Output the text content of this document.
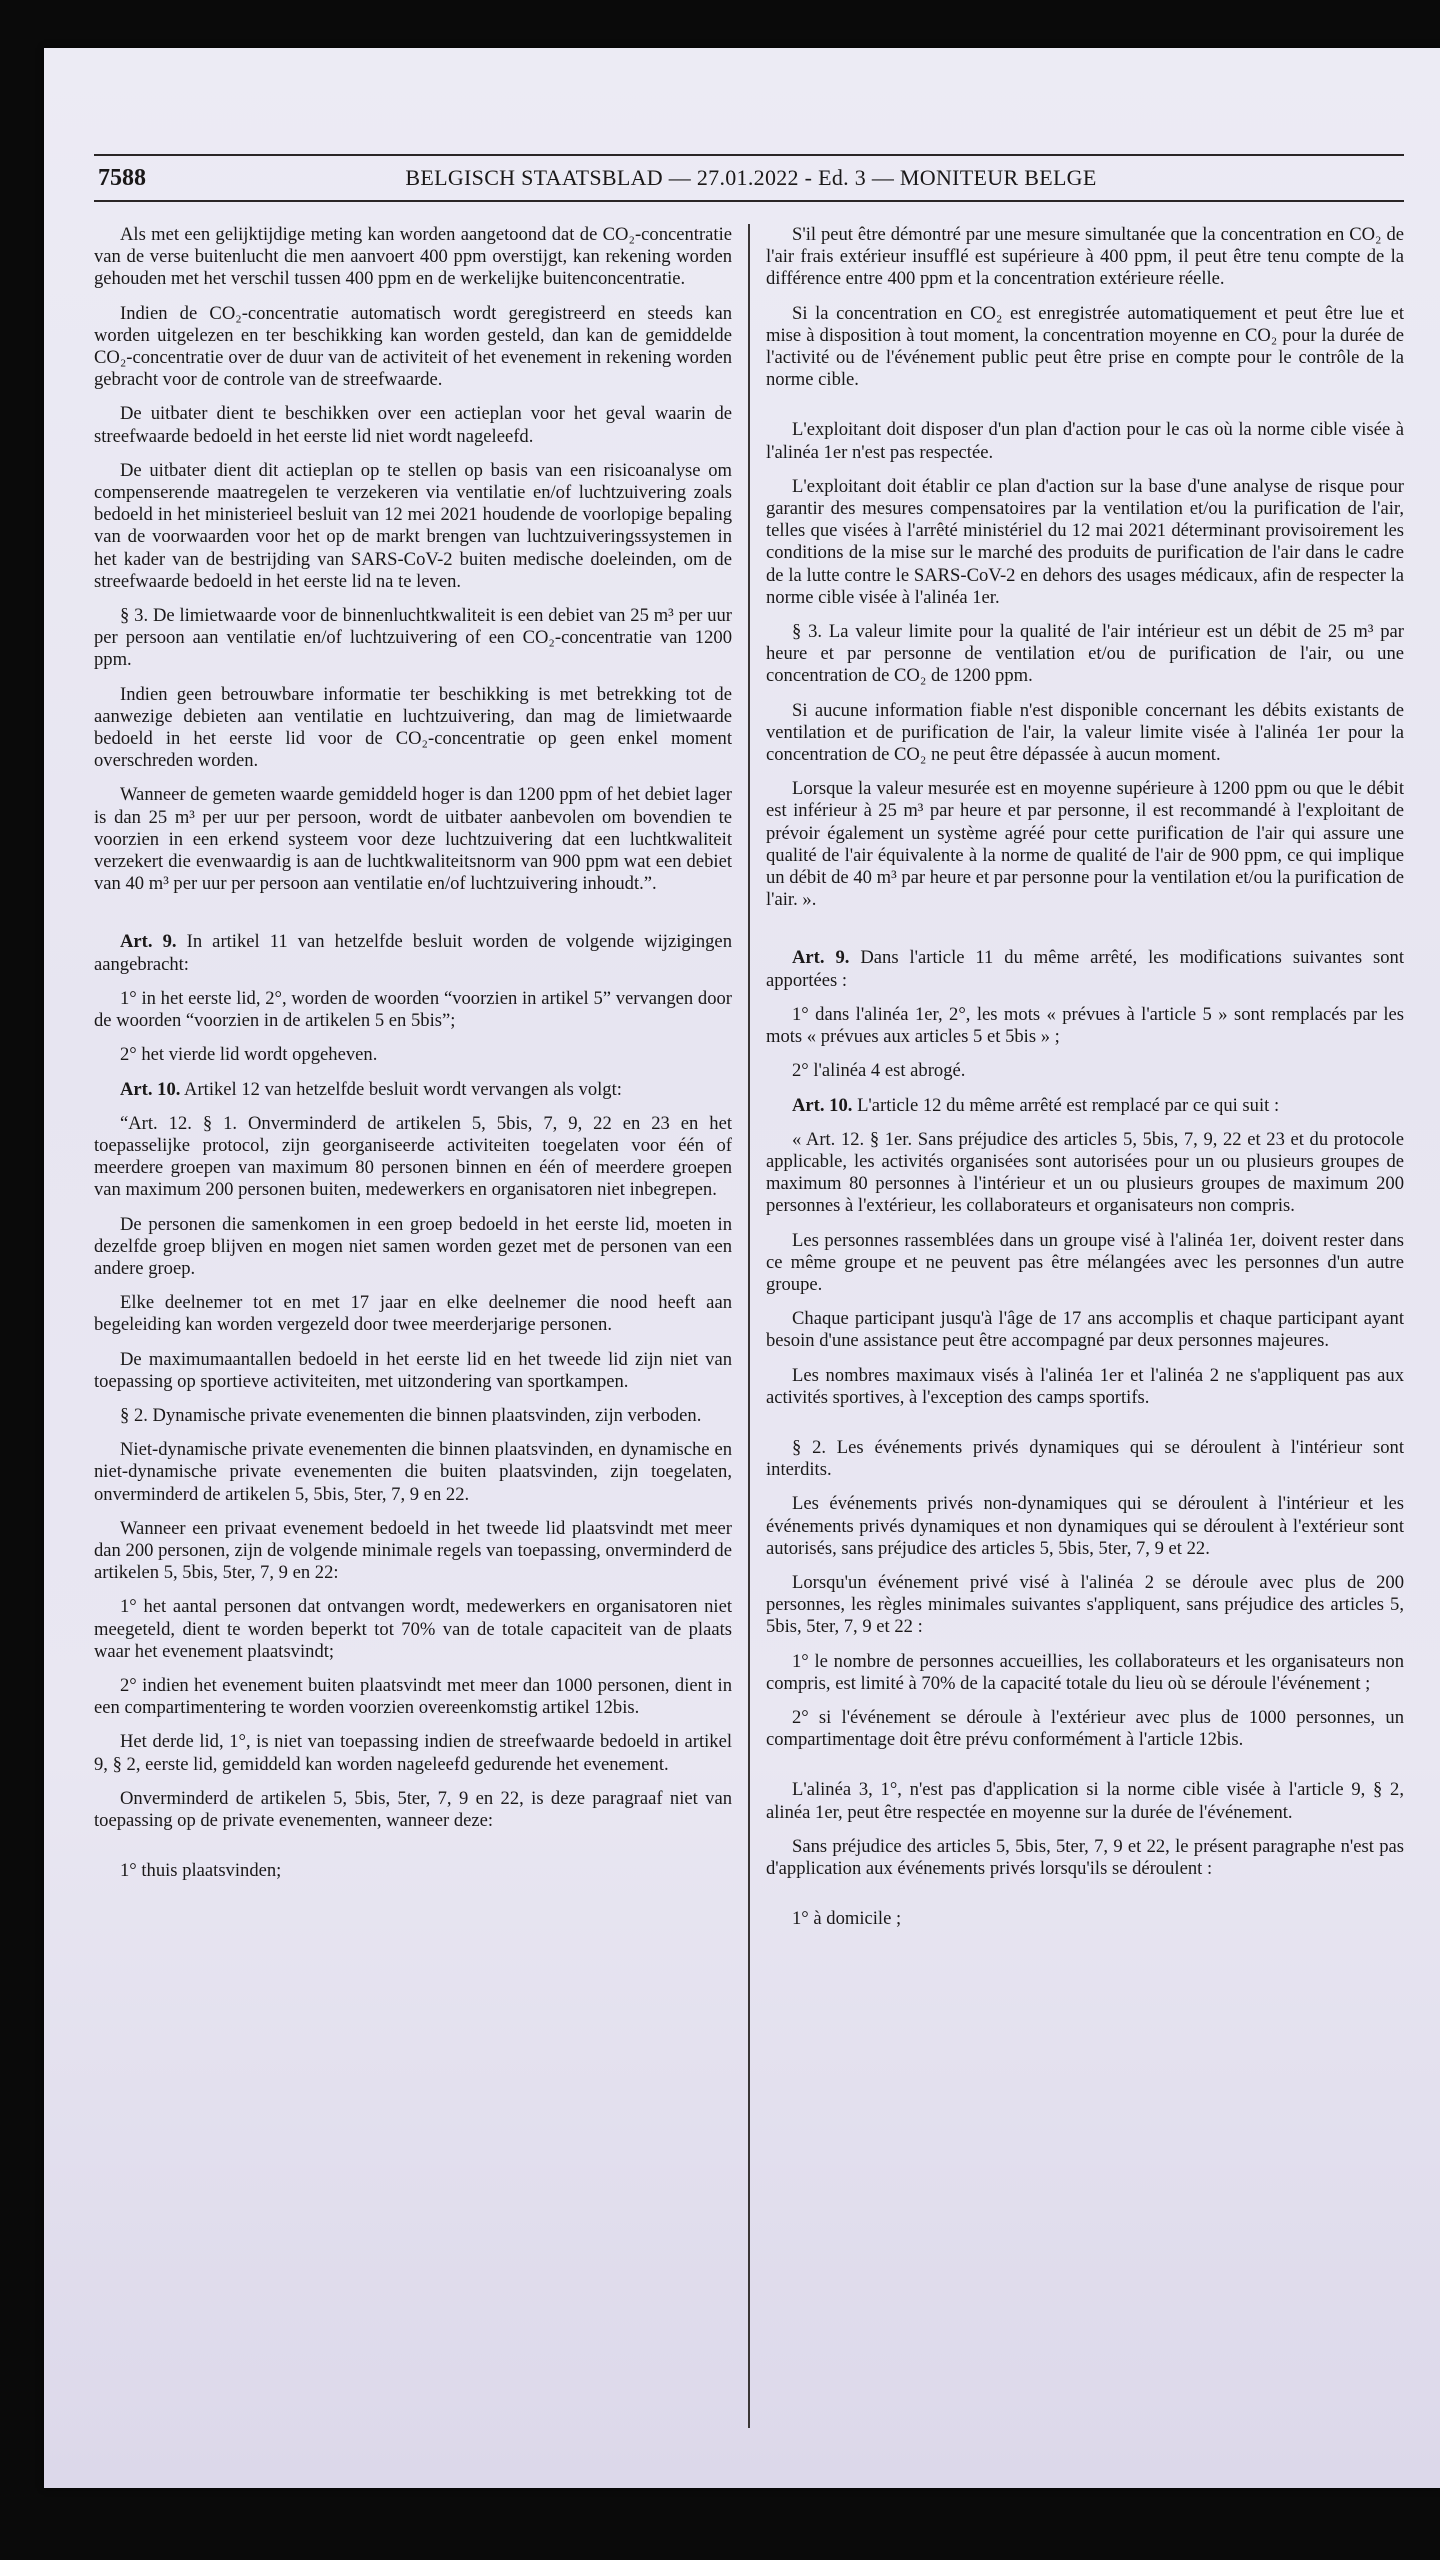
7588	BELGISCH STAATSBLAD — 27.01.2022 - Ed. 3 — MONITEUR BELGE

Als met een gelijktijdige meting kan worden aangetoond dat de CO₂-concentratie van de verse buitenlucht die men aanvoert 400 ppm overstijgt, kan rekening worden gehouden met het verschil tussen 400 ppm en de werkelijke buitenconcentratie.

Indien de CO₂-concentratie automatisch wordt geregistreerd en steeds kan worden uitgelezen en ter beschikking kan worden gesteld, dan kan de gemiddelde CO₂-concentratie over de duur van de activiteit of het evenement in rekening worden gebracht voor de controle van de streefwaarde.

De uitbater dient te beschikken over een actieplan voor het geval waarin de streefwaarde bedoeld in het eerste lid niet wordt nageleefd.

De uitbater dient dit actieplan op te stellen op basis van een risicoanalyse om compenserende maatregelen te verzekeren via ventilatie en/of luchtzuivering zoals bedoeld in het ministerieel besluit van 12 mei 2021 houdende de voorlopige bepaling van de voorwaarden voor het op de markt brengen van luchtzuiveringssystemen in het kader van de bestrijding van SARS-CoV-2 buiten medische doeleinden, om de streefwaarde bedoeld in het eerste lid na te leven.

§ 3. De limietwaarde voor de binnenluchtkwaliteit is een debiet van 25 m³ per uur per persoon aan ventilatie en/of luchtzuivering of een CO₂-concentratie van 1200 ppm.

Indien geen betrouwbare informatie ter beschikking is met betrekking tot de aanwezige debieten aan ventilatie en luchtzuivering, dan mag de limietwaarde bedoeld in het eerste lid voor de CO₂-concentratie op geen enkel moment overschreden worden.

Wanneer de gemeten waarde gemiddeld hoger is dan 1200 ppm of het debiet lager is dan 25 m³ per uur per persoon, wordt de uitbater aanbevolen om bovendien te voorzien in een erkend systeem voor deze luchtzuivering dat een luchtkwaliteit verzekert die evenwaardig is aan de luchtkwaliteitsnorm van 900 ppm wat een debiet van 40 m³ per uur per persoon aan ventilatie en/of luchtzuivering inhoudt.”.

Art. 9. In artikel 11 van hetzelfde besluit worden de volgende wijzigingen aangebracht:

1° in het eerste lid, 2°, worden de woorden “voorzien in artikel 5” vervangen door de woorden “voorzien in de artikelen 5 en 5bis”;

2° het vierde lid wordt opgeheven.

Art. 10. Artikel 12 van hetzelfde besluit wordt vervangen als volgt:

“Art. 12. § 1. Onverminderd de artikelen 5, 5bis, 7, 9, 22 en 23 en het toepasselijke protocol, zijn georganiseerde activiteiten toegelaten voor één of meerdere groepen van maximum 80 personen binnen en één of meerdere groepen van maximum 200 personen buiten, medewerkers en organisatoren niet inbegrepen.

De personen die samenkomen in een groep bedoeld in het eerste lid, moeten in dezelfde groep blijven en mogen niet samen worden gezet met de personen van een andere groep.

Elke deelnemer tot en met 17 jaar en elke deelnemer die nood heeft aan begeleiding kan worden vergezeld door twee meerderjarige personen.

De maximumaantallen bedoeld in het eerste lid en het tweede lid zijn niet van toepassing op sportieve activiteiten, met uitzondering van sportkampen.

§ 2. Dynamische private evenementen die binnen plaatsvinden, zijn verboden.

Niet-dynamische private evenementen die binnen plaatsvinden, en dynamische en niet-dynamische private evenementen die buiten plaatsvinden, zijn toegelaten, onverminderd de artikelen 5, 5bis, 5ter, 7, 9 en 22.

Wanneer een privaat evenement bedoeld in het tweede lid plaatsvindt met meer dan 200 personen, zijn de volgende minimale regels van toepassing, onverminderd de artikelen 5, 5bis, 5ter, 7, 9 en 22:

1° het aantal personen dat ontvangen wordt, medewerkers en organisatoren niet meegeteld, dient te worden beperkt tot 70% van de totale capaciteit van de plaats waar het evenement plaatsvindt;

2° indien het evenement buiten plaatsvindt met meer dan 1000 personen, dient in een compartimentering te worden voorzien overeenkomstig artikel 12bis.

Het derde lid, 1°, is niet van toepassing indien de streefwaarde bedoeld in artikel 9, § 2, eerste lid, gemiddeld kan worden nageleefd gedurende het evenement.

Onverminderd de artikelen 5, 5bis, 5ter, 7, 9 en 22, is deze paragraaf niet van toepassing op de private evenementen, wanneer deze:

1° thuis plaatsvinden;

S'il peut être démontré par une mesure simultanée que la concentration en CO₂ de l'air frais extérieur insufflé est supérieure à 400 ppm, il peut être tenu compte de la différence entre 400 ppm et la concentration extérieure réelle.

Si la concentration en CO₂ est enregistrée automatiquement et peut être lue et mise à disposition à tout moment, la concentration moyenne en CO₂ pour la durée de l'activité ou de l'événement public peut être prise en compte pour le contrôle de la norme cible.

L'exploitant doit disposer d'un plan d'action pour le cas où la norme cible visée à l'alinéa 1er n'est pas respectée.

L'exploitant doit établir ce plan d'action sur la base d'une analyse de risque pour garantir des mesures compensatoires par la ventilation et/ou la purification de l'air, telles que visées à l'arrêté ministériel du 12 mai 2021 déterminant provisoirement les conditions de la mise sur le marché des produits de purification de l'air dans le cadre de la lutte contre le SARS-CoV-2 en dehors des usages médicaux, afin de respecter la norme cible visée à l'alinéa 1er.

§ 3. La valeur limite pour la qualité de l'air intérieur est un débit de 25 m³ par heure et par personne de ventilation et/ou de purification de l'air, ou une concentration de CO₂ de 1200 ppm.

Si aucune information fiable n'est disponible concernant les débits existants de ventilation et de purification de l'air, la valeur limite visée à l'alinéa 1er pour la concentration de CO₂ ne peut être dépassée à aucun moment.

Lorsque la valeur mesurée est en moyenne supérieure à 1200 ppm ou que le débit est inférieur à 25 m³ par heure et par personne, il est recommandé à l'exploitant de prévoir également un système agréé pour cette purification de l'air qui assure une qualité de l'air équivalente à la norme de qualité de l'air de 900 ppm, ce qui implique un débit de 40 m³ par heure et par personne pour la ventilation et/ou la purification de l'air. ».

Art. 9. Dans l'article 11 du même arrêté, les modifications suivantes sont apportées :

1° dans l'alinéa 1er, 2°, les mots « prévues à l'article 5 » sont remplacés par les mots « prévues aux articles 5 et 5bis » ;

2° l'alinéa 4 est abrogé.

Art. 10. L'article 12 du même arrêté est remplacé par ce qui suit :

« Art. 12. § 1er. Sans préjudice des articles 5, 5bis, 7, 9, 22 et 23 et du protocole applicable, les activités organisées sont autorisées pour un ou plusieurs groupes de maximum 80 personnes à l'intérieur et un ou plusieurs groupes de maximum 200 personnes à l'extérieur, les collaborateurs et organisateurs non compris.

Les personnes rassemblées dans un groupe visé à l'alinéa 1er, doivent rester dans ce même groupe et ne peuvent pas être mélangées avec les personnes d'un autre groupe.

Chaque participant jusqu'à l'âge de 17 ans accomplis et chaque participant ayant besoin d'une assistance peut être accompagné par deux personnes majeures.

Les nombres maximaux visés à l'alinéa 1er et l'alinéa 2 ne s'appliquent pas aux activités sportives, à l'exception des camps sportifs.

§ 2. Les événements privés dynamiques qui se déroulent à l'intérieur sont interdits.

Les événements privés non-dynamiques qui se déroulent à l'intérieur et les événements privés dynamiques et non dynamiques qui se déroulent à l'extérieur sont autorisés, sans préjudice des articles 5, 5bis, 5ter, 7, 9 et 22.

Lorsqu'un événement privé visé à l'alinéa 2 se déroule avec plus de 200 personnes, les règles minimales suivantes s'appliquent, sans préjudice des articles 5, 5bis, 5ter, 7, 9 et 22 :

1° le nombre de personnes accueillies, les collaborateurs et les organisateurs non compris, est limité à 70% de la capacité totale du lieu où se déroule l'événement ;

2° si l'événement se déroule à l'extérieur avec plus de 1000 personnes, un compartimentage doit être prévu conformément à l'article 12bis.

L'alinéa 3, 1°, n'est pas d'application si la norme cible visée à l'article 9, § 2, alinéa 1er, peut être respectée en moyenne sur la durée de l'événement.

Sans préjudice des articles 5, 5bis, 5ter, 7, 9 et 22, le présent paragraphe n'est pas d'application aux événements privés lorsqu'ils se déroulent :

1° à domicile ;
